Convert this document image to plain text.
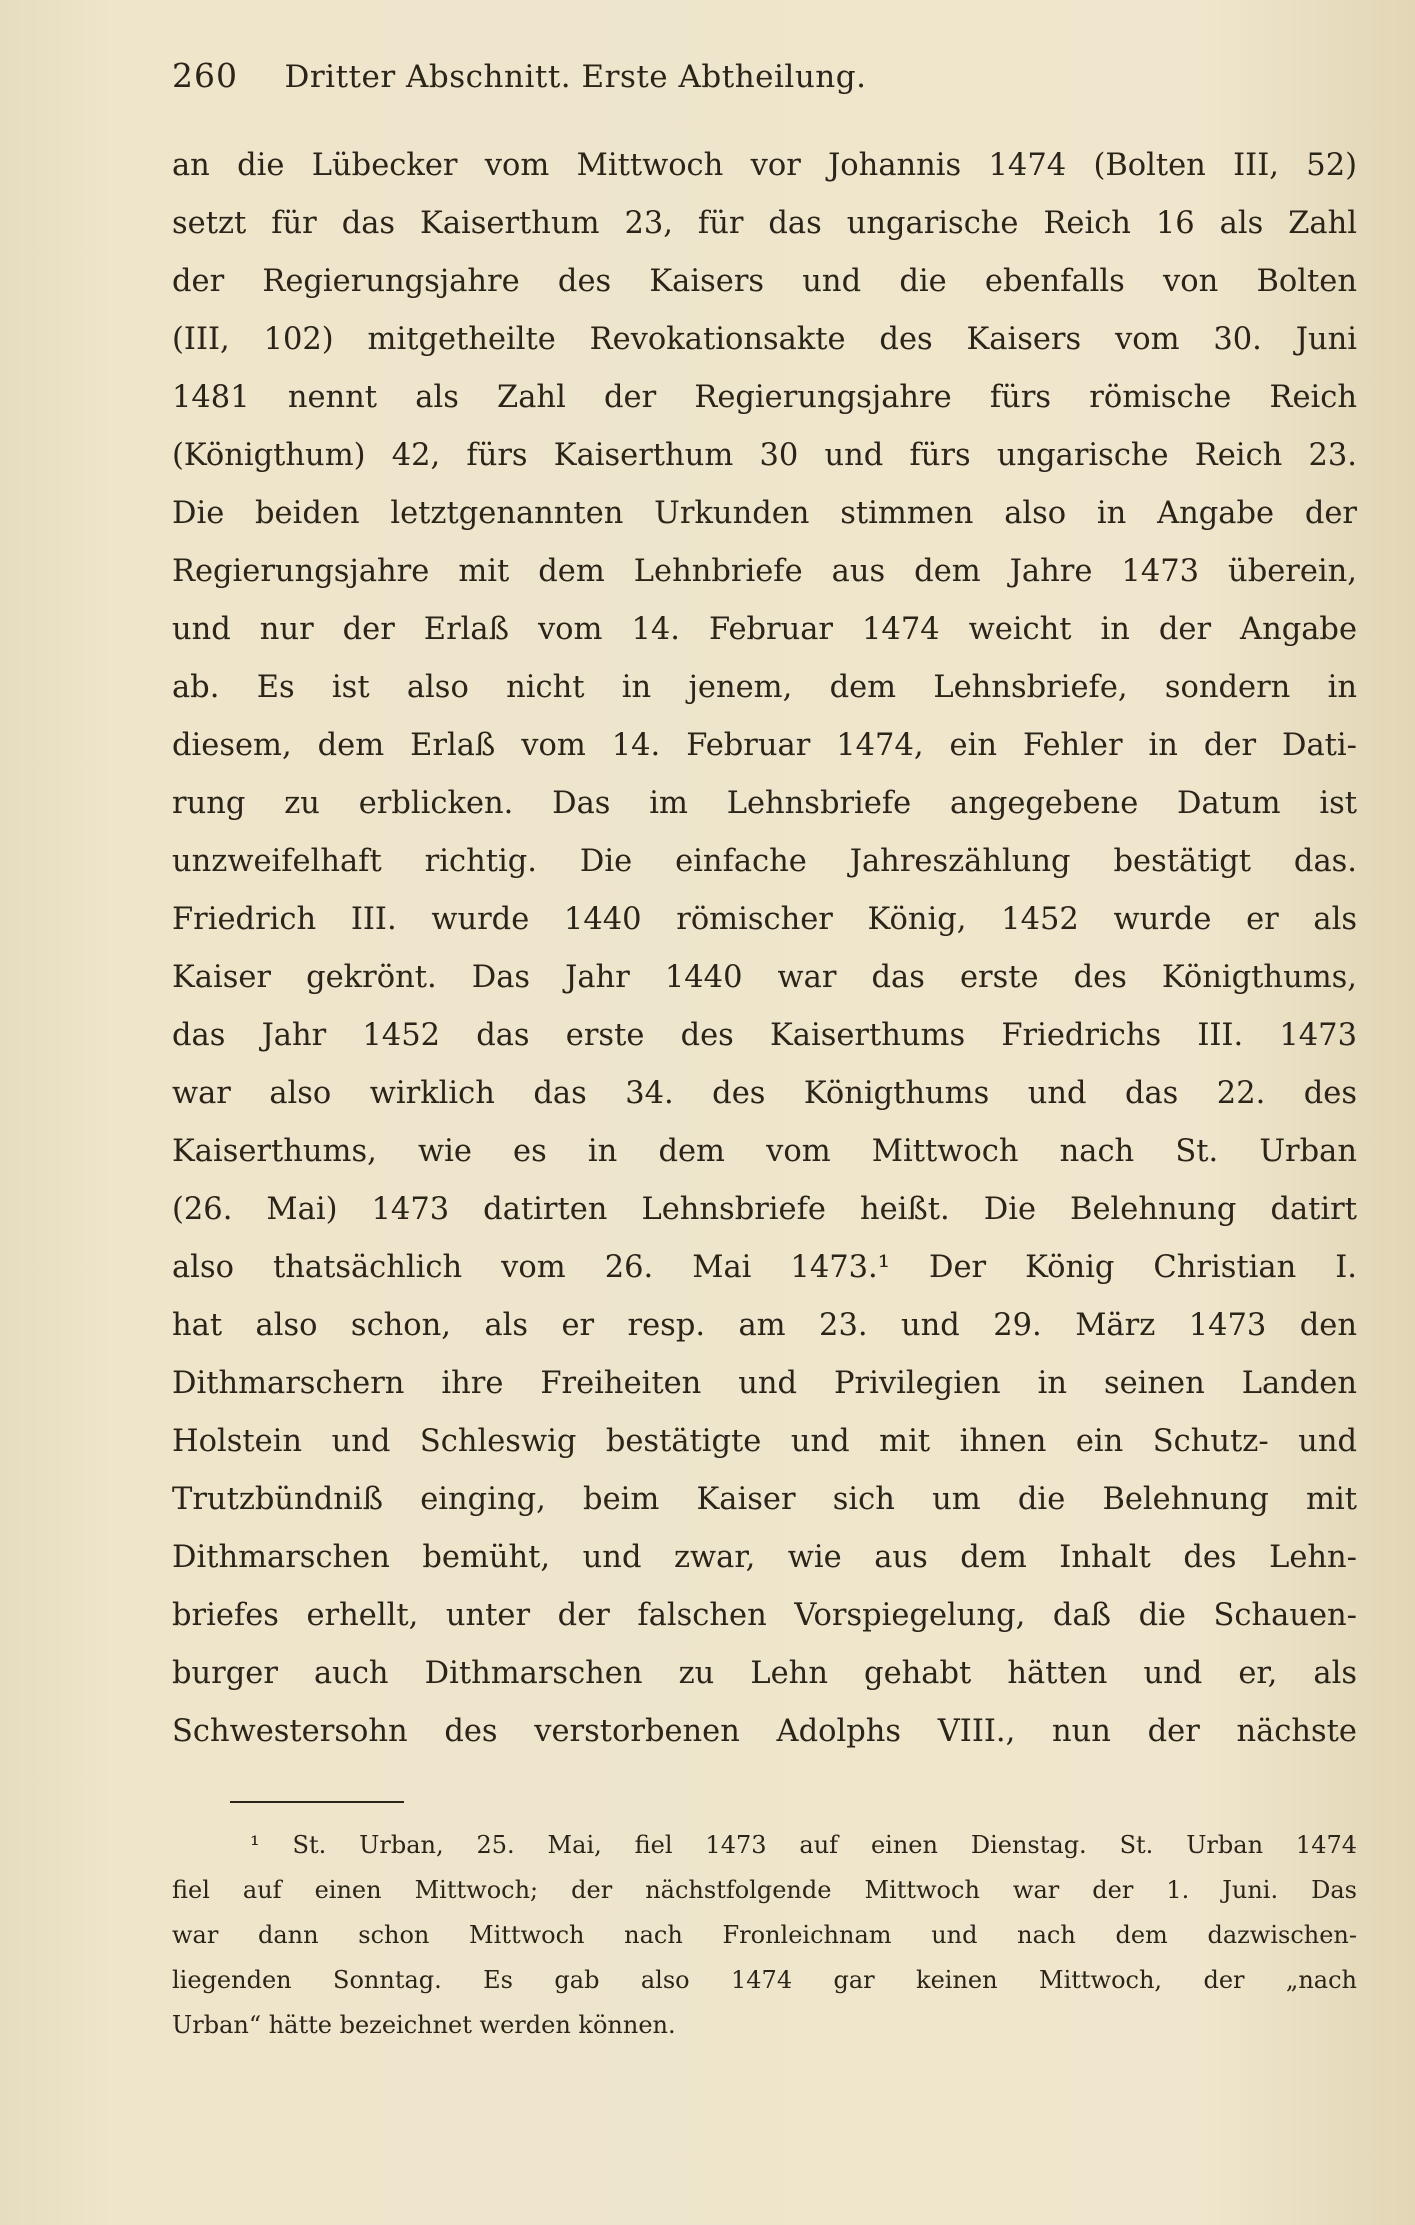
260 Dritter Abschnitt. Erste Abtheilung.
an die Lübecker vom Mittwoch vor Johannis 1474 (Bolten III, 52)
setzt für das Kaiserthum 23, für das ungarische Reich 16 als Zahl
der Regierungsjahre des Kaisers und die ebenfalls von Bolten
(III, 102) mitgetheilte Revokationsakte des Kaisers vom 30. Juni
1481 nennt als Zahl der Regierungsjahre fürs römische Reich
(Königthum) 42, fürs Kaiserthum 30 und fürs ungarische Reich 23.
Die beiden letztgenannten Urkunden stimmen also in Angabe der
Regierungsjahre mit dem Lehnbriefe aus dem Jahre 1473 überein,
und nur der Erlaß vom 14. Februar 1474 weicht in der Angabe
ab. Es ist also nicht in jenem, dem Lehnsbriefe, sondern in
diesem, dem Erlaß vom 14. Februar 1474, ein Fehler in der Dati-
rung zu erblicken. Das im Lehnsbriefe angegebene Datum ist
unzweifelhaft richtig. Die einfache Jahreszählung bestätigt das.
Friedrich III. wurde 1440 römischer König, 1452 wurde er als
Kaiser gekrönt. Das Jahr 1440 war das erste des Königthums,
das Jahr 1452 das erste des Kaiserthums Friedrichs III. 1473
war also wirklich das 34. des Königthums und das 22. des
Kaiserthums, wie es in dem vom Mittwoch nach St. Urban
(26. Mai) 1473 datirten Lehnsbriefe heißt. Die Belehnung datirt
also thatsächlich vom 26. Mai 1473.¹ Der König Christian I.
hat also schon, als er resp. am 23. und 29. März 1473 den
Dithmarschern ihre Freiheiten und Privilegien in seinen Landen
Holstein und Schleswig bestätigte und mit ihnen ein Schutz- und
Trutzbündniß einging, beim Kaiser sich um die Belehnung mit
Dithmarschen bemüht, und zwar, wie aus dem Inhalt des Lehn-
briefes erhellt, unter der falschen Vorspiegelung, daß die Schauen-
burger auch Dithmarschen zu Lehn gehabt hätten und er, als
Schwestersohn des verstorbenen Adolphs VIII., nun der nächste
¹ St. Urban, 25. Mai, fiel 1473 auf einen Dienstag. St. Urban 1474
fiel auf einen Mittwoch; der nächstfolgende Mittwoch war der 1. Juni. Das
war dann schon Mittwoch nach Fronleichnam und nach dem dazwischen-
liegenden Sonntag. Es gab also 1474 gar keinen Mittwoch, der „nach
Urban“ hätte bezeichnet werden können.
